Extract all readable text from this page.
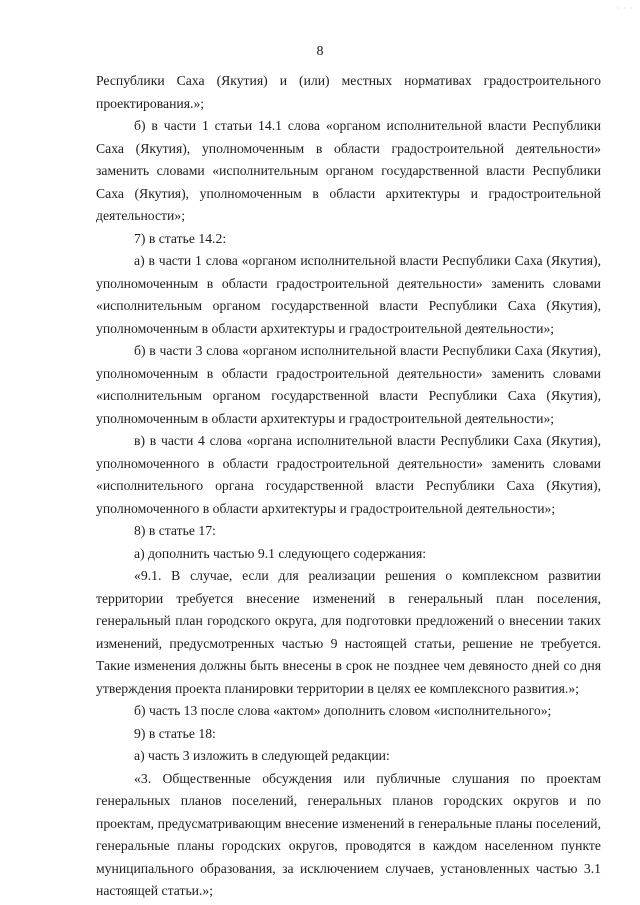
· · ·
8

Республики Саха (Якутия) и (или) местных нормативах градостроительного проектирования.»;

б) в части 1 статьи 14.1 слова «органом исполнительной власти Республики Саха (Якутия), уполномоченным в области градостроительной деятельности» заменить словами «исполнительным органом государственной власти Республики Саха (Якутия), уполномоченным в области архитектуры и градостроительной деятельности»;

7) в статье 14.2:

а) в части 1 слова «органом исполнительной власти Республики Саха (Якутия), уполномоченным в области градостроительной деятельности» заменить словами «исполнительным органом государственной власти Республики Саха (Якутия), уполномоченным в области архитектуры и градостроительной деятельности»;

б) в части 3 слова «органом исполнительной власти Республики Саха (Якутия), уполномоченным в области градостроительной деятельности» заменить словами «исполнительным органом государственной власти Республики Саха (Якутия), уполномоченным в области архитектуры и градостроительной деятельности»;

в) в части 4 слова «органа исполнительной власти Республики Саха (Якутия), уполномоченного в области градостроительной деятельности» заменить словами «исполнительного органа государственной власти Республики Саха (Якутия), уполномоченного в области архитектуры и градостроительной деятельности»;

8) в статье 17:

а) дополнить частью 9.1 следующего содержания:

«9.1. В случае, если для реализации решения о комплексном развитии территории требуется внесение изменений в генеральный план поселения, генеральный план городского округа, для подготовки предложений о внесении таких изменений, предусмотренных частью 9 настоящей статьи, решение не требуется. Такие изменения должны быть внесены в срок не позднее чем девяносто дней со дня утверждения проекта планировки территории в целях ее комплексного развития.»;

б) часть 13 после слова «актом» дополнить словом «исполнительного»;

9) в статье 18:

а) часть 3 изложить в следующей редакции:

«3. Общественные обсуждения или публичные слушания по проектам генеральных планов поселений, генеральных планов городских округов и по проектам, предусматривающим внесение изменений в генеральные планы поселений, генеральные планы городских округов, проводятся в каждом населенном пункте муниципального образования, за исключением случаев, установленных частью 3.1 настоящей статьи.»;
